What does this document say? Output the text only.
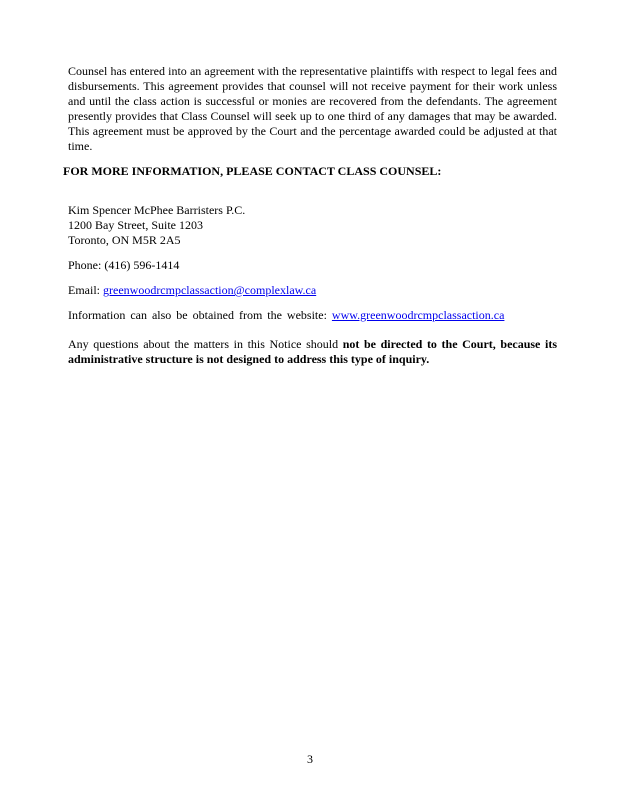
Counsel has entered into an agreement with the representative plaintiffs with respect to legal fees and disbursements. This agreement provides that counsel will not receive payment for their work unless and until the class action is successful or monies are recovered from the defendants. The agreement presently provides that Class Counsel will seek up to one third of any damages that may be awarded. This agreement must be approved by the Court and the percentage awarded could be adjusted at that time.

FOR MORE INFORMATION, PLEASE CONTACT CLASS COUNSEL:

Kim Spencer McPhee Barristers P.C.
1200 Bay Street, Suite 1203
Toronto, ON M5R 2A5

Phone: (416) 596-1414

Email: greenwoodrcmpclassaction@complexlaw.ca

Information can also be obtained from the website: www.greenwoodrcmpclassaction.ca

Any questions about the matters in this Notice should not be directed to the Court, because its administrative structure is not designed to address this type of inquiry.

3
